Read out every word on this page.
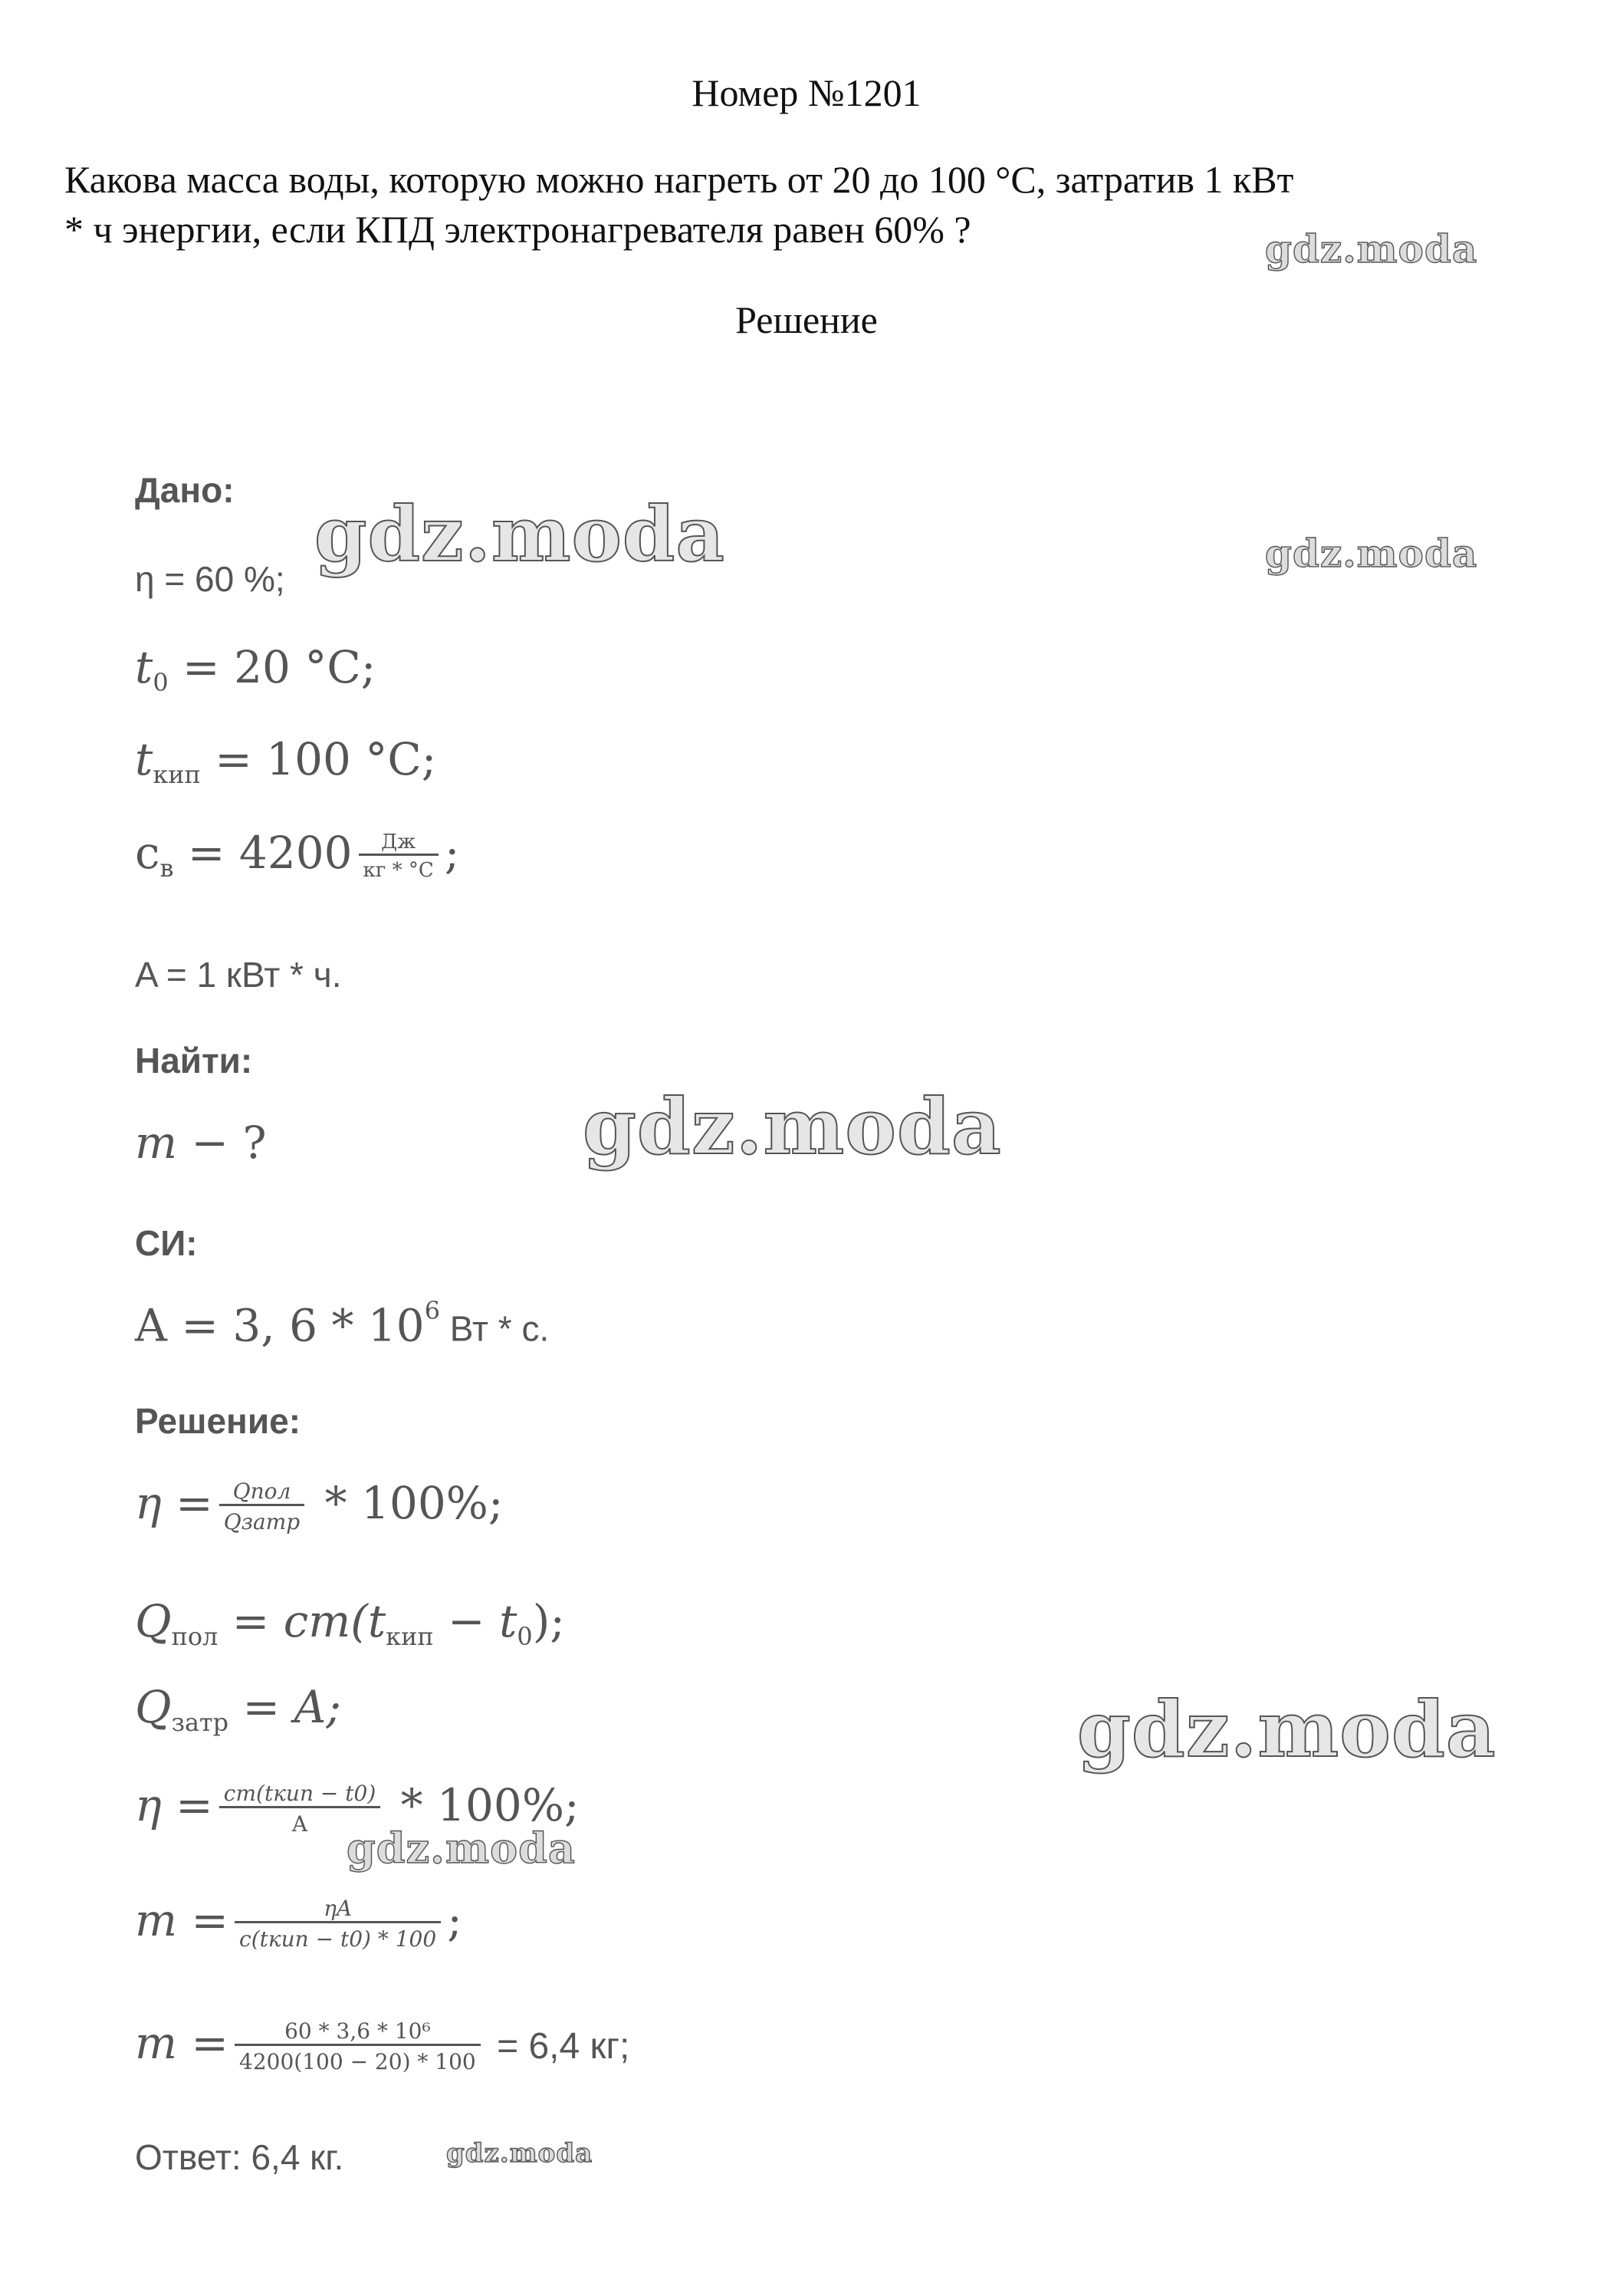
Номер №1201
Какова масса воды, которую можно нагреть от 20 до 100 °C, затратив 1 кВт
* ч энергии, если КПД электронагревателя равен 60% ?
Решение
Дано:
η = 60 %;
$t_0 = 20$ °C;
$t_{кип} = 100$ °C;
$c_в = 4200 \frac{Дж}{кг * ^\circ C}$ ;
A = 1 кВт * ч.
Найти:
m − ?
СИ:
A = 3, $6 * 10^6$ Вт * с.
Решение:
$\eta = \frac{\text{Qпол}}{\text{Qзатр}} * 100\%$;
$Q_{пол} = cm(t_{кип} - t_0)$;
$Q_{затр} = A$;
$\eta = \frac{\text{cm(tкип − t0)}}{A} * 100\%$;
$m = \frac{\eta A}{\text{c(tкип − t0) * 100}}$ ;
$m = \frac{\text{60 * 3,6 * 10⁶}}{4200(100 - 20) * 100} = 6,4$ кг;
Ответ: 6,4 кг.
gdz.moda
gdz.moda	gdz.moda
gdz.moda
gdz.moda
gdz.moda
gdz.moda
